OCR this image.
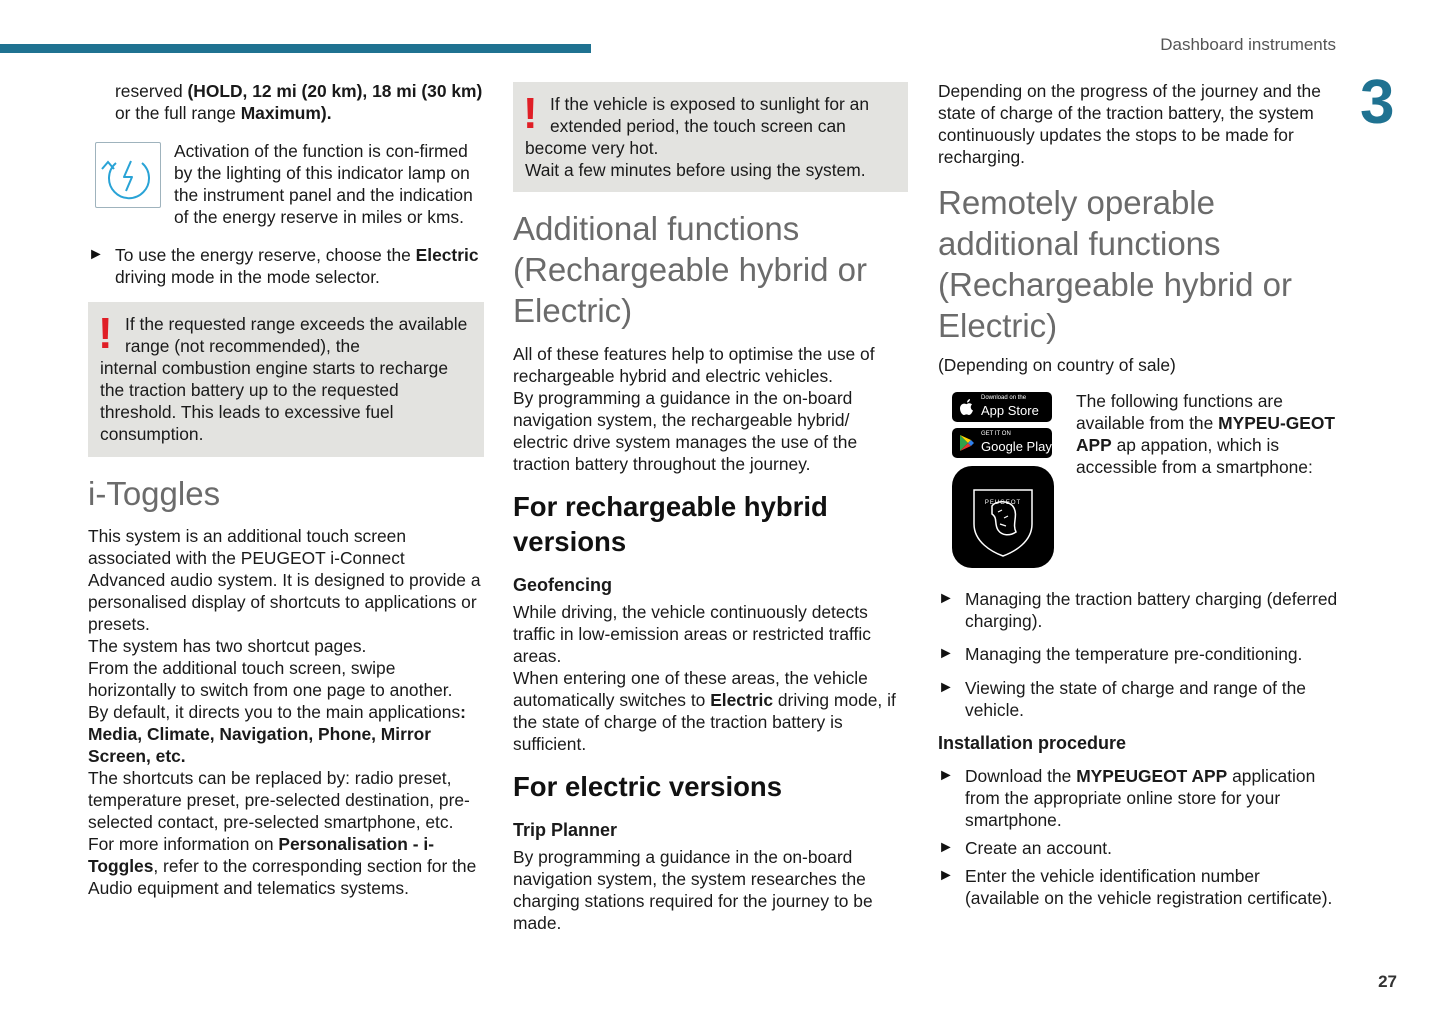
Dashboard instruments
3
27

reserved (HOLD, 12 mi (20 km), 18 mi (30 km) or the full range Maximum).

Activation of the function is con-firmed by the lighting of this indicator lamp on the instrument panel and the indication of the energy reserve in miles or kms.

► To use the energy reserve, choose the Electric driving mode in the mode selector.

! If the requested range exceeds the available range (not recommended), the

internal combustion engine starts to recharge the traction battery up to the requested threshold. This leads to excessive fuel consumption.

i-Toggles

This system is an additional touch screen associated with the PEUGEOT i-Connect Advanced audio system. It is designed to provide a personalised display of shortcuts to applications or presets.

The system has two shortcut pages.

From the additional touch screen, swipe horizontally to switch from one page to another.

By default, it directs you to the main applications: Media, Climate, Navigation, Phone, Mirror Screen, etc.

The shortcuts can be replaced by: radio preset, temperature preset, pre-selected destination, pre-selected contact, pre-selected smartphone, etc.

For more information on Personalisation - i-Toggles, refer to the corresponding section for the Audio equipment and telematics systems.

! If the vehicle is exposed to sunlight for an extended period, the touch screen can

become very hot.

Wait a few minutes before using the system.

Additional functions (Rechargeable hybrid or Electric)

All of these features help to optimise the use of rechargeable hybrid and electric vehicles.

By programming a guidance in the on-board navigation system, the rechargeable hybrid/ electric drive system manages the use of the traction battery throughout the journey.

For rechargeable hybrid versions
Geofencing

While driving, the vehicle continuously detects traffic in low-emission areas or restricted traffic areas.

When entering one of these areas, the vehicle automatically switches to Electric driving mode, if the state of charge of the traction battery is sufficient.

For electric versions
Trip Planner

By programming a guidance in the on-board navigation system, the system researches the charging stations required for the journey to be made.

Depending on the progress of the journey and the state of charge of the traction battery, the system continuously updates the stops to be made for recharging.

Remotely operable additional functions (Rechargeable hybrid or Electric)

(Depending on country of sale)

Download on the
App Store
GET IT ON
Google Play
PEUGEOT

The following functions are available from the MYPEU-GEOT APP ap appation, which is accessible from a smartphone:

► Managing the traction battery charging (deferred charging).

► Managing the temperature pre-conditioning.

► Viewing the state of charge and range of the vehicle.

Installation procedure
► Download the MYPEUGEOT APP application from the appropriate online store for your smartphone.

► Create an account.

► Enter the vehicle identification number (available on the vehicle registration certificate).
